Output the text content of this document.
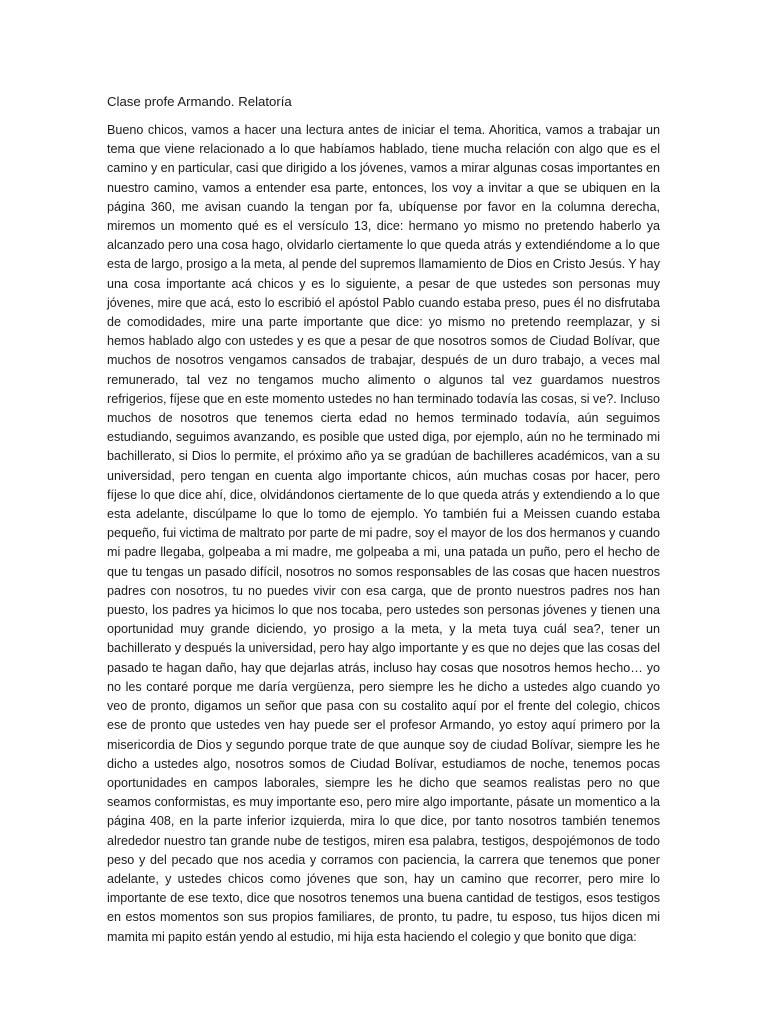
Clase profe Armando. Relatoría

Bueno chicos, vamos a hacer una lectura antes de iniciar el tema. Ahoritica, vamos a trabajar un tema que viene relacionado a lo que habíamos hablado, tiene mucha relación con algo que es el camino y en particular, casi que dirigido a los jóvenes, vamos a mirar algunas cosas importantes en nuestro camino, vamos a entender esa parte, entonces, los voy a invitar a que se ubiquen en la página 360, me avisan cuando la tengan por fa, ubíquense por favor en la columna derecha, miremos un momento qué es el versículo 13, dice: hermano yo mismo no pretendo haberlo ya alcanzado pero una cosa hago, olvidarlo ciertamente lo que queda atrás y extendiéndome a lo que esta de largo, prosigo a la meta, al pende del supremos llamamiento de Dios en Cristo Jesús. Y hay una cosa importante acá chicos y es lo siguiente, a pesar de que ustedes son personas muy jóvenes, mire que acá, esto lo escribió el apóstol Pablo cuando estaba preso, pues él no disfrutaba de comodidades, mire una parte importante que dice: yo mismo no pretendo reemplazar, y si hemos hablado algo con ustedes y es que a pesar de que nosotros somos de Ciudad Bolívar, que muchos de nosotros vengamos cansados de trabajar, después de un duro trabajo, a veces mal remunerado, tal vez no tengamos mucho alimento o algunos tal vez guardamos nuestros refrigerios, fíjese que en este momento ustedes no han terminado todavía las cosas, si ve?. Incluso muchos de nosotros que tenemos cierta edad no hemos terminado todavía, aún seguimos estudiando, seguimos avanzando, es posible que usted diga, por ejemplo, aún no he terminado mi bachillerato, si Dios lo permite, el próximo año ya se gradúan de bachilleres académicos, van a su universidad, pero tengan en cuenta algo importante chicos, aún muchas cosas por hacer, pero fíjese lo que dice ahí, dice, olvidándonos ciertamente de lo que queda atrás y extendiendo a lo que esta adelante, discúlpame lo que lo tomo de ejemplo. Yo también fui a Meissen cuando estaba pequeño, fui victima de maltrato por parte de mi padre, soy el mayor de los dos hermanos y cuando mi padre llegaba, golpeaba a mi madre, me golpeaba a mi, una patada un puño, pero el hecho de que tu tengas un pasado difícil, nosotros no somos responsables de las cosas que hacen nuestros padres con nosotros, tu no puedes vivir con esa carga, que de pronto nuestros padres nos han puesto, los padres ya hicimos lo que nos tocaba, pero ustedes son personas jóvenes y tienen una oportunidad muy grande diciendo, yo prosigo a la meta, y la meta tuya cuál sea?, tener un bachillerato y después la universidad, pero hay algo importante y es que no dejes que las cosas del pasado te hagan daño, hay que dejarlas atrás, incluso hay cosas que nosotros hemos hecho… yo no les contaré porque me daría vergüenza, pero siempre les he dicho a ustedes algo cuando yo veo de pronto, digamos un señor que pasa con su costalito aquí por el frente del colegio, chicos ese de pronto que ustedes ven hay puede ser el profesor Armando, yo estoy aquí primero por la misericordia de Dios y segundo porque trate de que aunque soy de ciudad Bolívar, siempre les he dicho a ustedes algo, nosotros somos de Ciudad Bolívar, estudiamos de noche, tenemos pocas oportunidades en campos laborales, siempre les he dicho que seamos realistas pero no que seamos conformistas, es muy importante eso, pero mire algo importante, pásate un momentico a la página 408, en la parte inferior izquierda, mira lo que dice, por tanto nosotros también tenemos alrededor nuestro tan grande nube de testigos, miren esa palabra, testigos, despojémonos de todo peso y del pecado que nos acedia y corramos con paciencia, la carrera que tenemos que poner adelante, y ustedes chicos como jóvenes que son, hay un camino que recorrer, pero mire lo importante de ese texto, dice que nosotros tenemos una buena cantidad de testigos, esos testigos en estos momentos son sus propios familiares, de pronto, tu padre, tu esposo, tus hijos dicen mi mamita mi papito están yendo al estudio, mi hija esta haciendo el colegio y que bonito que diga:
